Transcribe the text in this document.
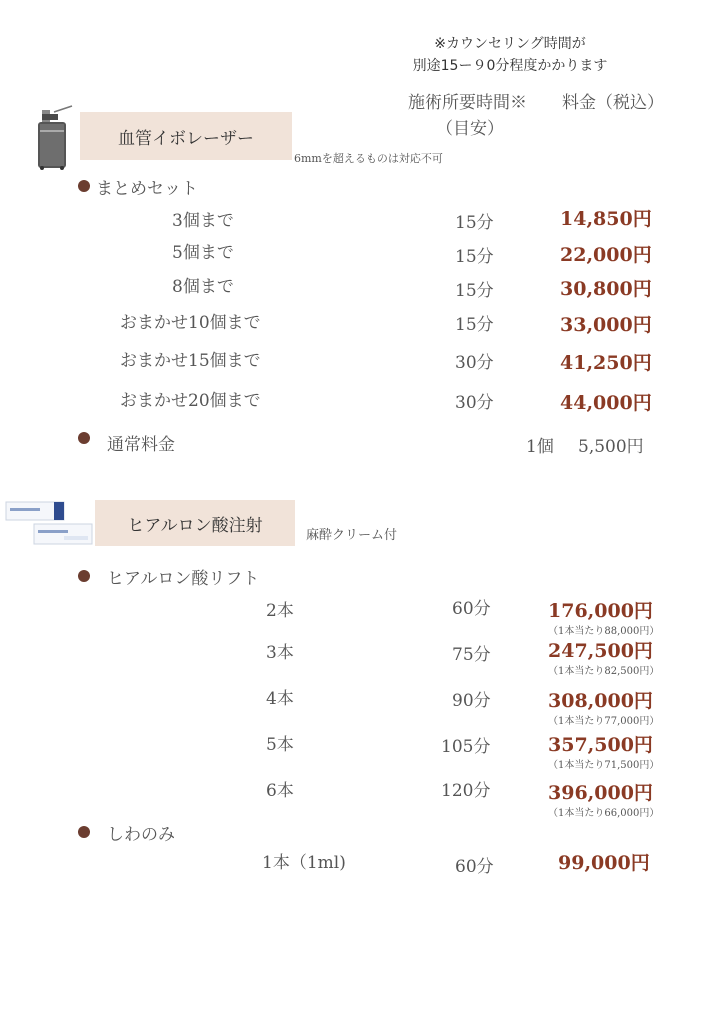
※カウンセリング時間が
別途15ー９0分程度かかります
施術所要時間※
（目安）
料金（税込）
血管イボレーザー
6mmを超えるものは対応不可
まとめセット
3個まで	15分	14,850円
5個まで	15分	22,000円
8個まで	15分	30,800円
おまかせ10個まで	15分	33,000円
おまかせ15個まで	30分	41,250円
おまかせ20個まで	30分	44,000円
通常料金	1個 5,500円
ヒアルロン酸注射	麻酔クリーム付
ヒアルロン酸リフト
2本	60分	176,000円
（1本当たり88,000円）
3本	75分	247,500円
（1本当たり82,500円）
4本	90分	308,000円
（1本当たり77,000円）
5本	105分	357,500円
（1本当たり71,500円）
6本	120分	396,000円
（1本当たり66,000円）
しわのみ
1本（1ml)	60分	99,000円
